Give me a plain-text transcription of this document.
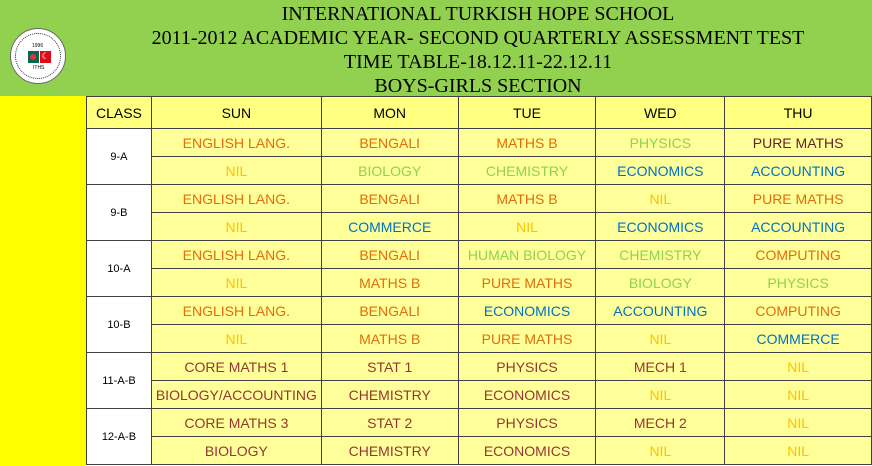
1996
☾
ITHS
INTERNATIONAL TURKISH HOPE SCHOOL
2011-2012 ACADEMIC YEAR- SECOND QUARTERLY ASSESSMENT TEST
TIME TABLE-18.12.11-22.12.11
BOYS-GIRLS SECTION
CLASS	SUN	MON	TUE	WED	THU
9-A	ENGLISH LANG.	BENGALI	MATHS B	PHYSICS	PURE MATHS
	NIL	BIOLOGY	CHEMISTRY	ECONOMICS	ACCOUNTING
9-B	ENGLISH LANG.	BENGALI	MATHS B	NIL	PURE MATHS
	NIL	COMMERCE	NIL	ECONOMICS	ACCOUNTING
10-A	ENGLISH LANG.	BENGALI	HUMAN BIOLOGY	CHEMISTRY	COMPUTING
	NIL	MATHS B	PURE MATHS	BIOLOGY	PHYSICS
10-B	ENGLISH LANG.	BENGALI	ECONOMICS	ACCOUNTING	COMPUTING
	NIL	MATHS B	PURE MATHS	NIL	COMMERCE
11-A-B	CORE MATHS 1	STAT 1	PHYSICS	MECH 1	NIL
	BIOLOGY/ACCOUNTING	CHEMISTRY	ECONOMICS	NIL	NIL
12-A-B	CORE MATHS 3	STAT 2	PHYSICS	MECH 2	NIL
	BIOLOGY	CHEMISTRY	ECONOMICS	NIL	NIL
